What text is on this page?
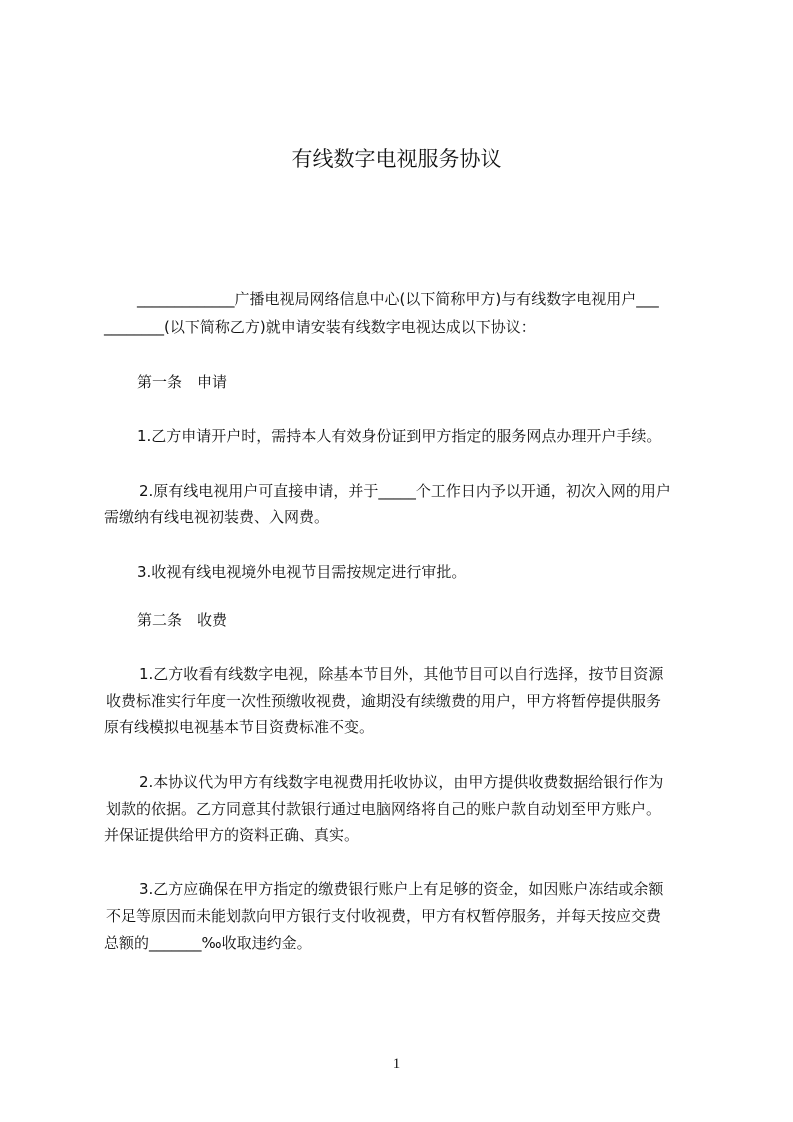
有线数字电视服务协议
_____________广播电视局网络信息中心(以下简称甲方)与有线数字电视用户___
________(以下简称乙方)就申请安装有线数字电视达成以下协议：
第一条　申请
1.乙方申请开户时，需持本人有效身份证到甲方指定的服务网点办理开户手续。
2.原有线电视用户可直接申请，并于_____个工作日内予以开通，初次入网的用户
需缴纳有线电视初装费、入网费。
3.收视有线电视境外电视节目需按规定进行审批。
第二条　收费
1.乙方收看有线数字电视，除基本节目外，其他节目可以自行选择，按节目资源
收费标准实行年度一次性预缴收视费，逾期没有续缴费的用户，甲方将暂停提供服务
原有线模拟电视基本节目资费标准不变。
2.本协议代为甲方有线数字电视费用托收协议，由甲方提供收费数据给银行作为
划款的依据。乙方同意其付款银行通过电脑网络将自己的账户款自动划至甲方账户。
并保证提供给甲方的资料正确、真实。
3.乙方应确保在甲方指定的缴费银行账户上有足够的资金，如因账户冻结或余额
不足等原因而未能划款向甲方银行支付收视费，甲方有权暂停服务，并每天按应交费
总额的_______‰收取违约金。
1
